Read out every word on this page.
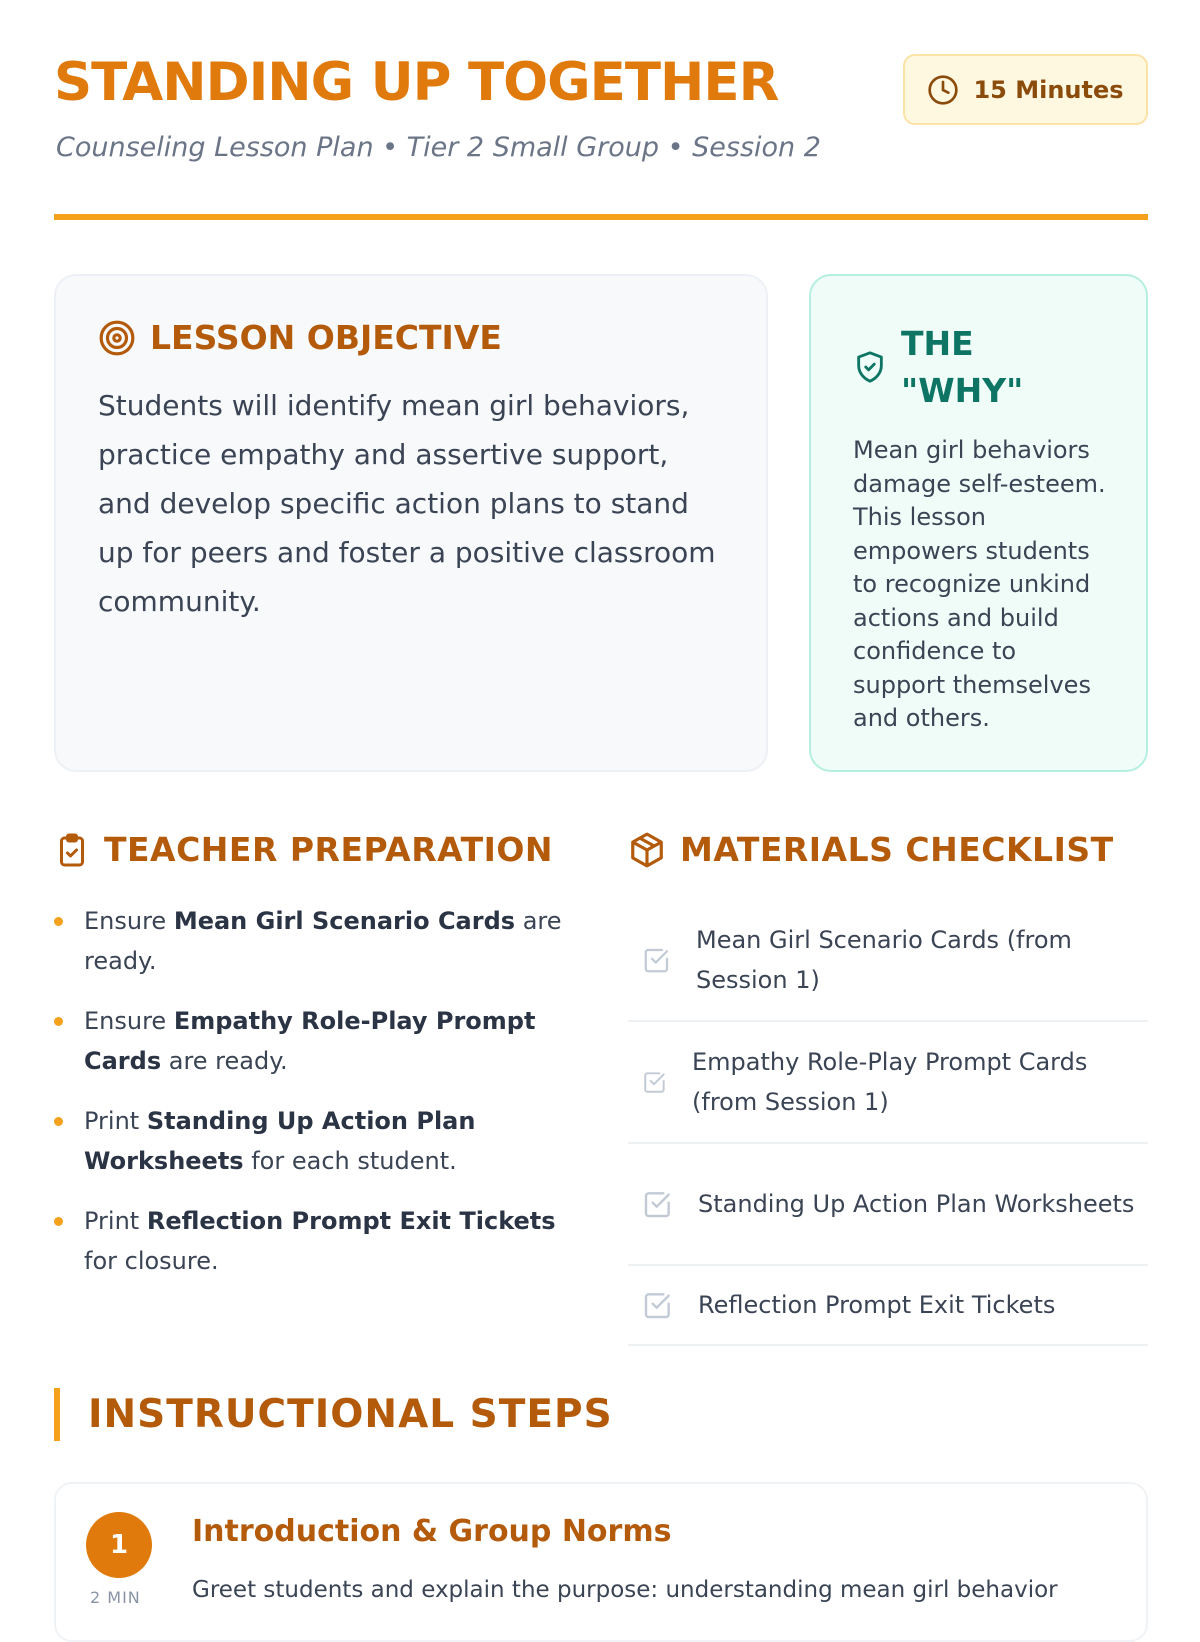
STANDING UP TOGETHER

Counseling Lesson Plan • Tier 2 Small Group • Session 2

15 Minutes
LESSON OBJECTIVE

Students will identify mean girl behaviors, practice empathy and assertive support, and develop specific action plans to stand up for peers and foster a positive classroom community.

THE "WHY"

Mean girl behaviors damage self-esteem. This lesson empowers students to recognize unkind actions and build confidence to support themselves and others.

TEACHER PREPARATION
Ensure Mean Girl Scenario Cards are ready.
Ensure Empathy Role-Play Prompt Cards are ready.
Print Standing Up Action Plan Worksheets for each student.
Print Reflection Prompt Exit Tickets for closure.
MATERIALS CHECKLIST
Mean Girl Scenario Cards (from Session 1)
Empathy Role-Play Prompt Cards (from Session 1)
Standing Up Action Plan Worksheets
Reflection Prompt Exit Tickets
INSTRUCTIONAL STEPS
1
2 MIN
Introduction & Group Norms
Greet students and explain the purpose: understanding mean girl behavior
